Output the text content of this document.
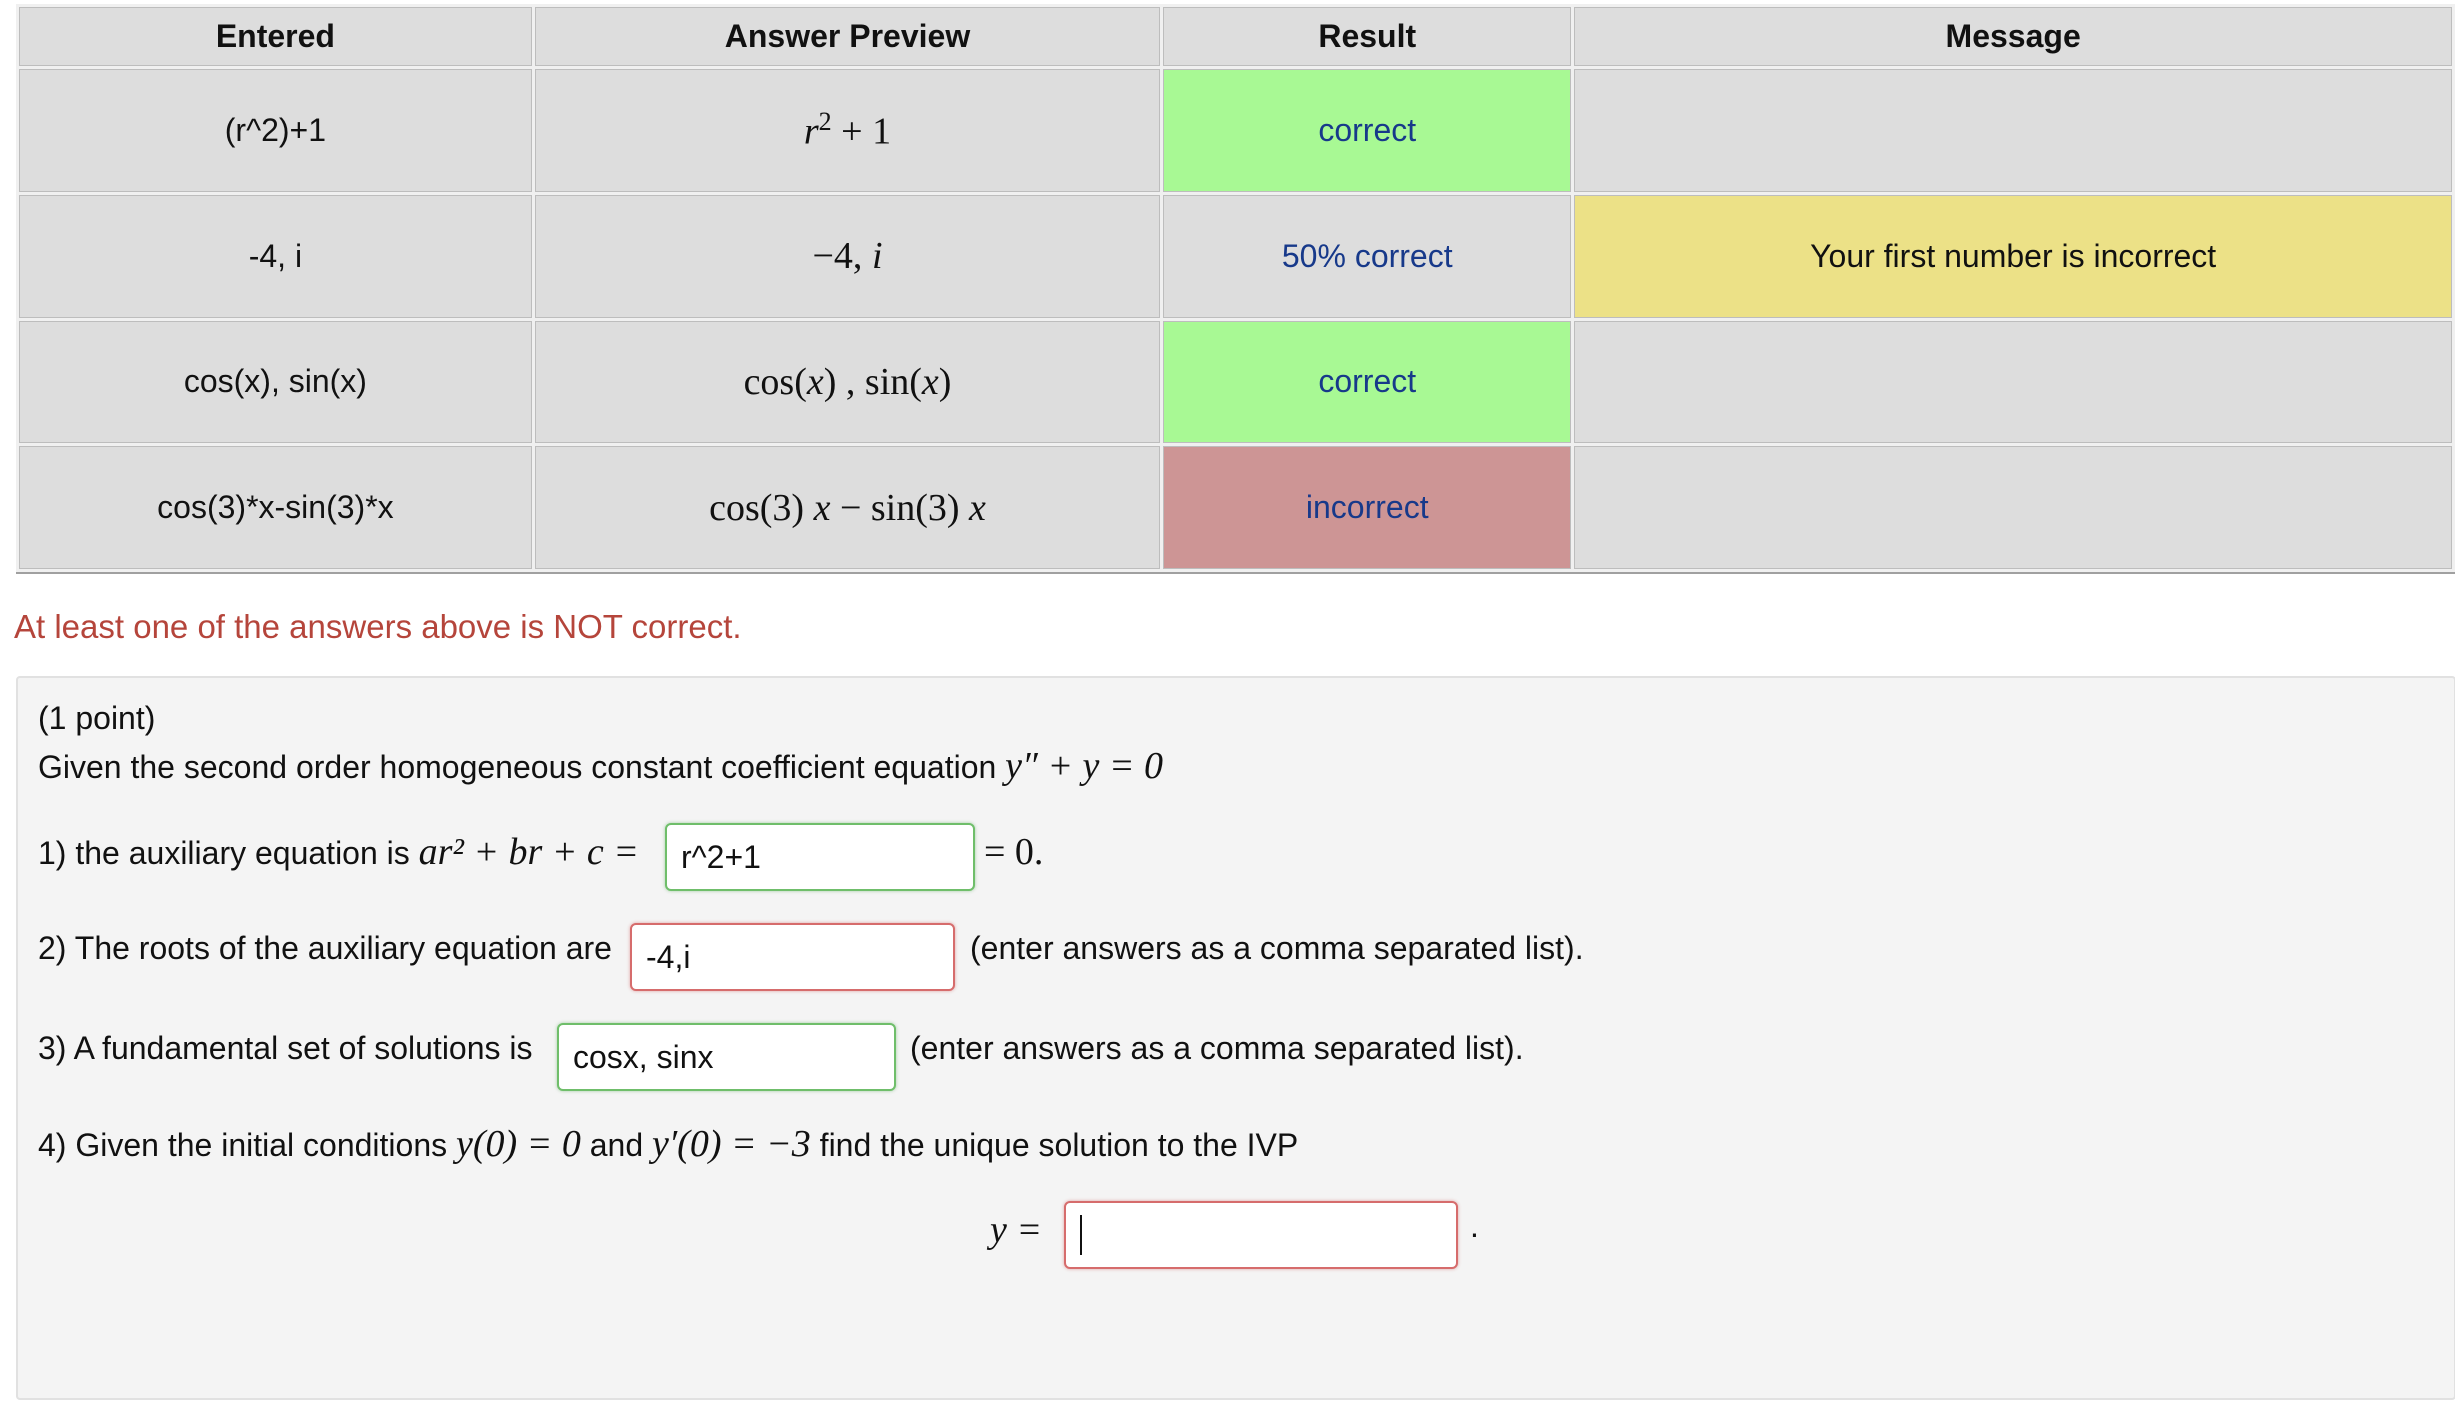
Entered	Answer Preview	Result	Message
(r^2)+1	$r^2 + 1$	correct	
-4, i	−4, i	50% correct	Your first number is incorrect
cos(x), sin(x)	cos(x) , sin(x)	correct	
cos(3)*x-sin(3)*x	cos(3) x − sin(3) x	incorrect	
At least one of the answers above is NOT correct.
(1 point)
Given the second order homogeneous constant coefficient equation y″ + y = 0
1) the auxiliary equation is ar² + br + c =
r^2+1	= 0.
2) The roots of the auxiliary equation are
-4,i	(enter answers as a comma separated list).
3) A fundamental set of solutions is
cosx, sinx	(enter answers as a comma separated list).
4) Given the initial conditions y(0) = 0 and y′(0) = −3 find the unique solution to the IVP
y =	.
